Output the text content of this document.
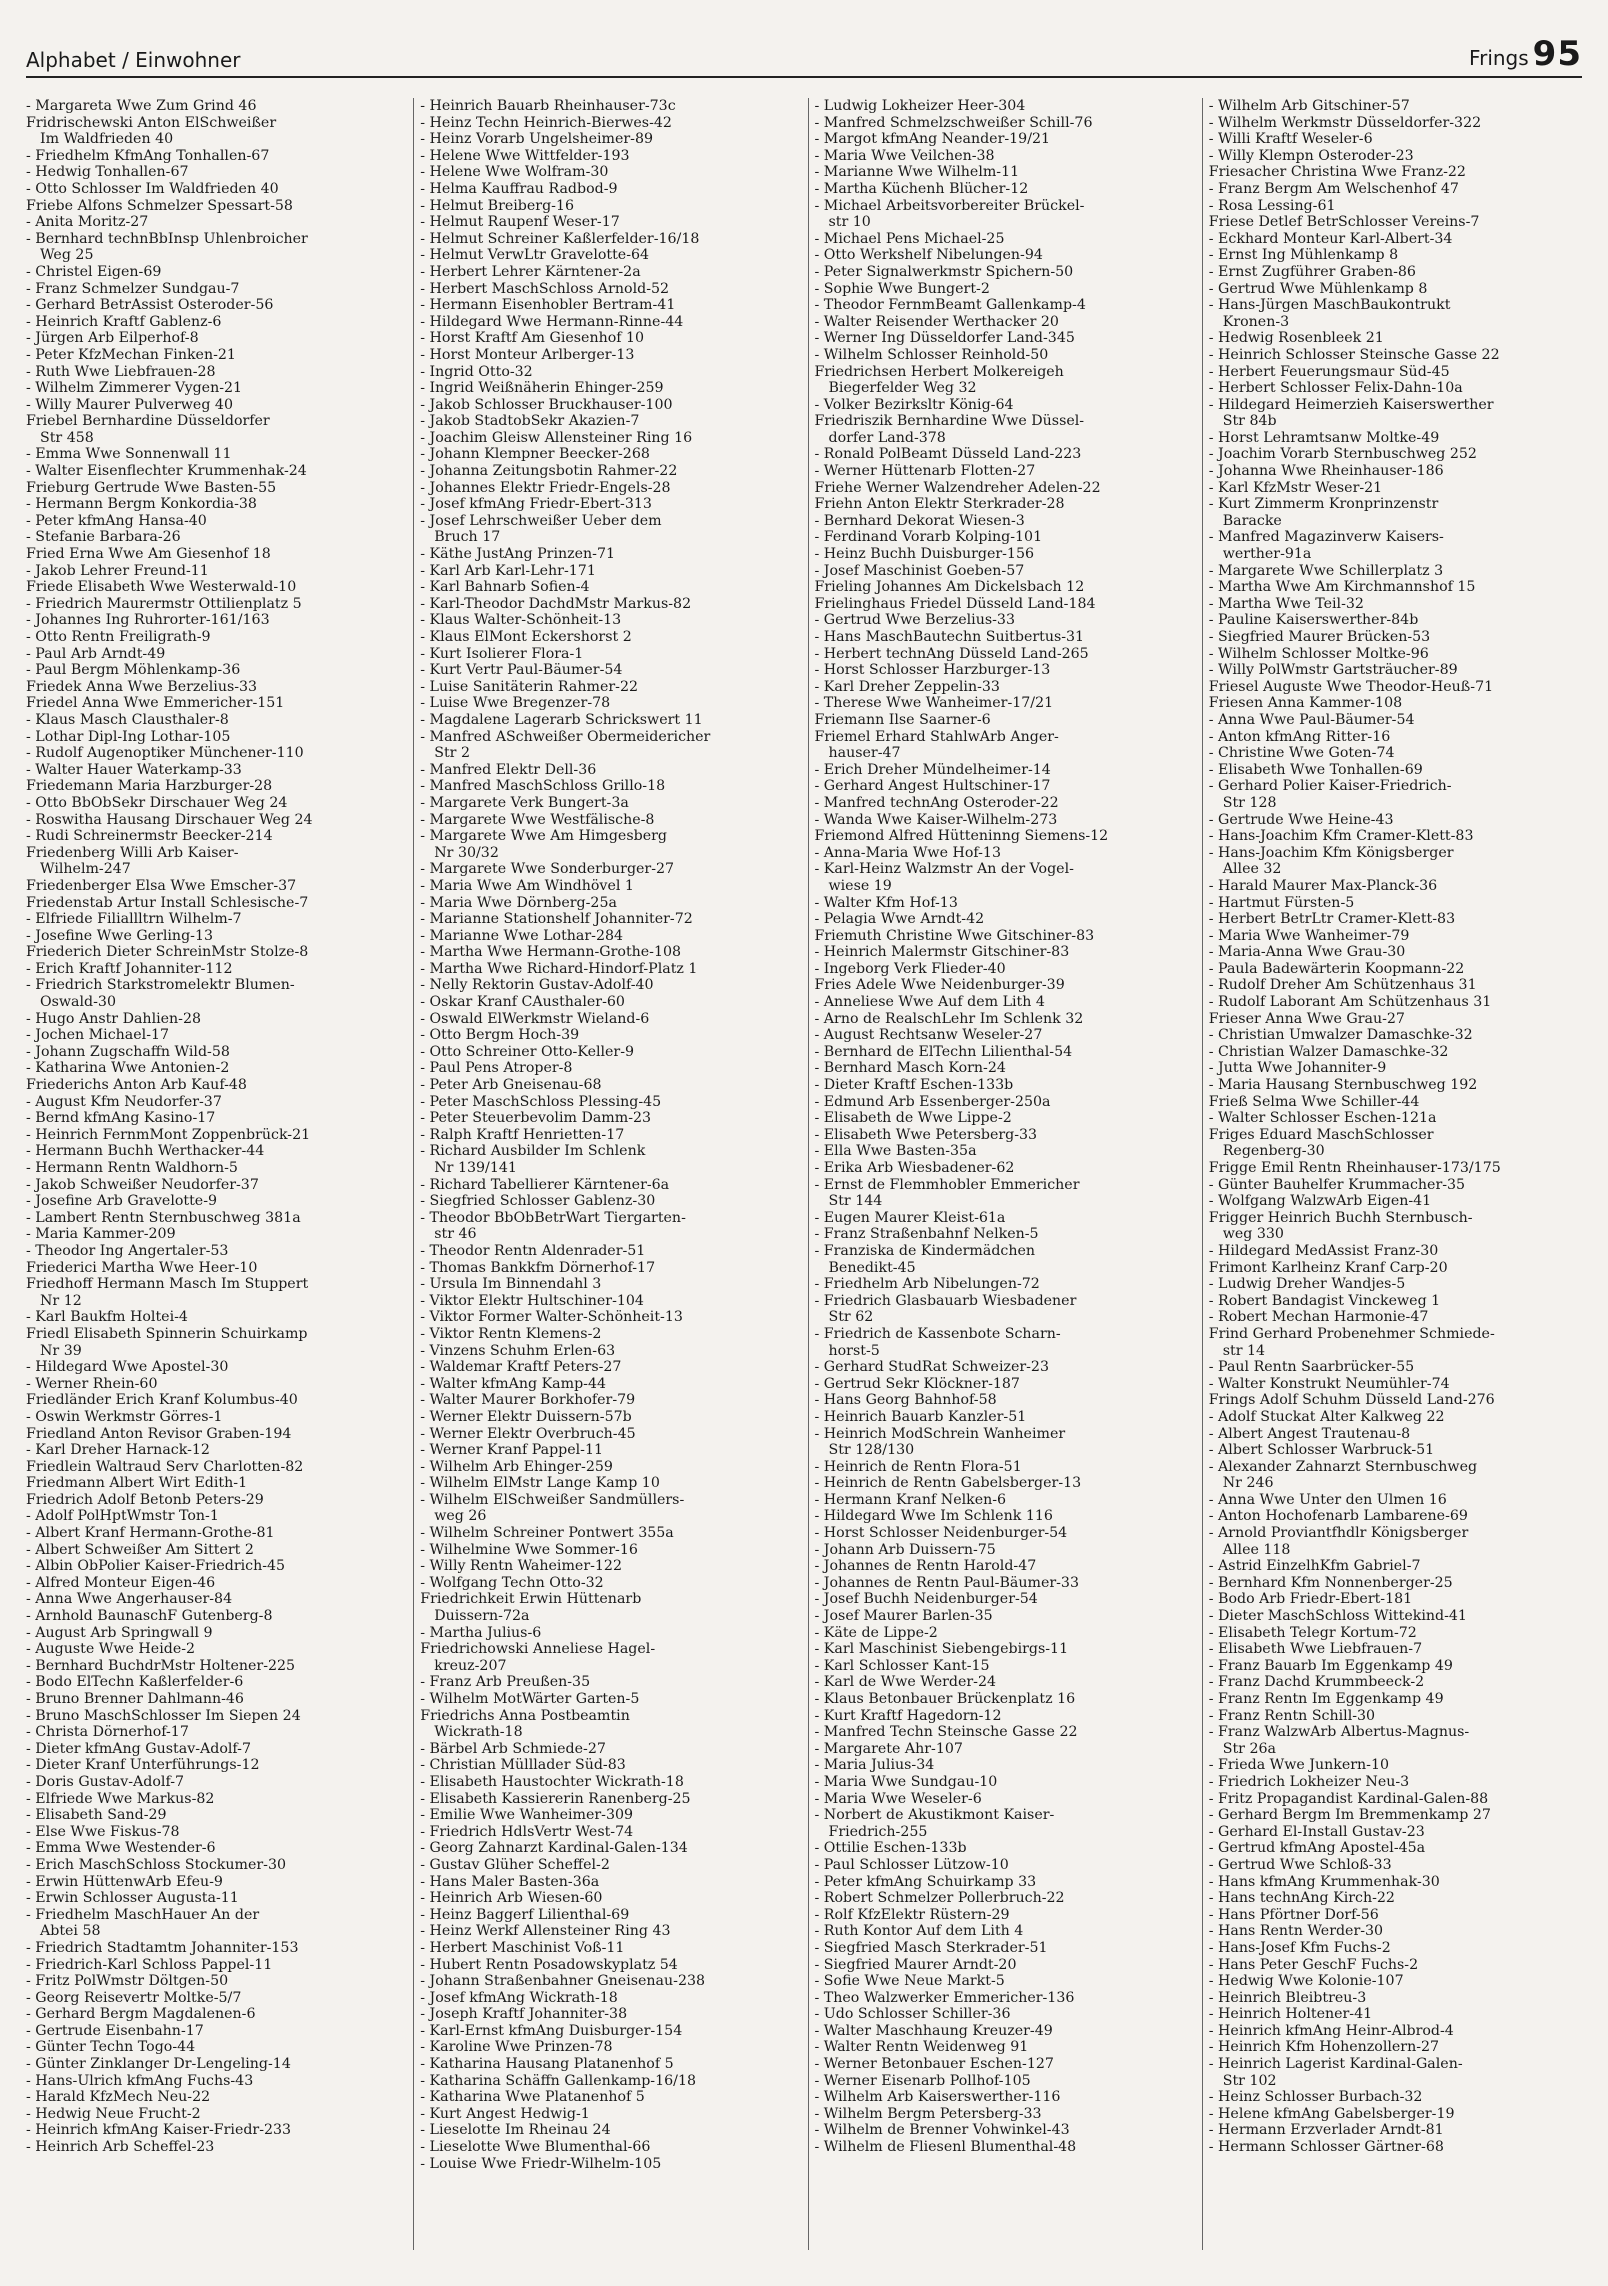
Alphabet / Einwohner	Frings 95
- Margareta Wwe Zum Grind 46
Fridrischewski Anton ElSchweißer
Im Waldfrieden 40
- Friedhelm KfmAng Tonhallen-67
- Hedwig Tonhallen-67
- Otto Schlosser Im Waldfrieden 40
Friebe Alfons Schmelzer Spessart-58
- Anita Moritz-27
- Bernhard technBbInsp Uhlenbroicher
Weg 25
- Christel Eigen-69
- Franz Schmelzer Sundgau-7
- Gerhard BetrAssist Osteroder-56
- Heinrich Kraftf Gablenz-6
- Jürgen Arb Eilperhof-8
- Peter KfzMechan Finken-21
- Ruth Wwe Liebfrauen-28
- Wilhelm Zimmerer Vygen-21
- Willy Maurer Pulverweg 40
Friebel Bernhardine Düsseldorfer
Str 458
- Emma Wwe Sonnenwall 11
- Walter Eisenflechter Krummenhak-24
Frieburg Gertrude Wwe Basten-55
- Hermann Bergm Konkordia-38
- Peter kfmAng Hansa-40
- Stefanie Barbara-26
Fried Erna Wwe Am Giesenhof 18
- Jakob Lehrer Freund-11
Friede Elisabeth Wwe Westerwald-10
- Friedrich Maurermstr Ottilienplatz 5
- Johannes Ing Ruhrorter-161/163
- Otto Rentn Freiligrath-9
- Paul Arb Arndt-49
- Paul Bergm Möhlenkamp-36
Friedek Anna Wwe Berzelius-33
Friedel Anna Wwe Emmericher-151
- Klaus Masch Clausthaler-8
- Lothar Dipl-Ing Lothar-105
- Rudolf Augenoptiker Münchener-110
- Walter Hauer Waterkamp-33
Friedemann Maria Harzburger-28
- Otto BbObSekr Dirschauer Weg 24
- Roswitha Hausang Dirschauer Weg 24
- Rudi Schreinermstr Beecker-214
Friedenberg Willi Arb Kaiser-
Wilhelm-247
Friedenberger Elsa Wwe Emscher-37
Friedenstab Artur Install Schlesische-7
- Elfriede Filiallltrn Wilhelm-7
- Josefine Wwe Gerling-13
Friederich Dieter SchreinMstr Stolze-8
- Erich Kraftf Johanniter-112
- Friedrich Starkstromelektr Blumen-
Oswald-30
- Hugo Anstr Dahlien-28
- Jochen Michael-17
- Johann Zugschaffn Wild-58
- Katharina Wwe Antonien-2
Friederichs Anton Arb Kauf-48
- August Kfm Neudorfer-37
- Bernd kfmAng Kasino-17
- Heinrich FernmMont Zoppenbrück-21
- Hermann Buchh Werthacker-44
- Hermann Rentn Waldhorn-5
- Jakob Schweißer Neudorfer-37
- Josefine Arb Gravelotte-9
- Lambert Rentn Sternbuschweg 381a
- Maria Kammer-209
- Theodor Ing Angertaler-53
Friederici Martha Wwe Heer-10
Friedhoff Hermann Masch Im Stuppert
Nr 12
- Karl Baukfm Holtei-4
Friedl Elisabeth Spinnerin Schuirkamp
Nr 39
- Hildegard Wwe Apostel-30
- Werner Rhein-60
Friedländer Erich Kranf Kolumbus-40
- Oswin Werkmstr Görres-1
Friedland Anton Revisor Graben-194
- Karl Dreher Harnack-12
Friedlein Waltraud Serv Charlotten-82
Friedmann Albert Wirt Edith-1
Friedrich Adolf Betonb Peters-29
- Adolf PolHptWmstr Ton-1
- Albert Kranf Hermann-Grothe-81
- Albert Schweißer Am Sittert 2
- Albin ObPolier Kaiser-Friedrich-45
- Alfred Monteur Eigen-46
- Anna Wwe Angerhauser-84
- Arnhold BaunaschF Gutenberg-8
- August Arb Springwall 9
- Auguste Wwe Heide-2
- Bernhard BuchdrMstr Holtener-225
- Bodo ElTechn Kaßlerfelder-6
- Bruno Brenner Dahlmann-46
- Bruno MaschSchlosser Im Siepen 24
- Christa Dörnerhof-17
- Dieter kfmAng Gustav-Adolf-7
- Dieter Kranf Unterführungs-12
- Doris Gustav-Adolf-7
- Elfriede Wwe Markus-82
- Elisabeth Sand-29
- Else Wwe Fiskus-78
- Emma Wwe Westender-6
- Erich MaschSchloss Stockumer-30
- Erwin HüttenwArb Efeu-9
- Erwin Schlosser Augusta-11
- Friedhelm MaschHauer An der
Abtei 58
- Friedrich Stadtamtm Johanniter-153
- Friedrich-Karl Schloss Pappel-11
- Fritz PolWmstr Döltgen-50
- Georg Reisevertr Moltke-5/7
- Gerhard Bergm Magdalenen-6
- Gertrude Eisenbahn-17
- Günter Techn Togo-44
- Günter Zinklanger Dr-Lengeling-14
- Hans-Ulrich kfmAng Fuchs-43
- Harald KfzMech Neu-22
- Hedwig Neue Frucht-2
- Heinrich kfmAng Kaiser-Friedr-233
- Heinrich Arb Scheffel-23
- Heinrich Bauarb Rheinhauser-73c
- Heinz Techn Heinrich-Bierwes-42
- Heinz Vorarb Ungelsheimer-89
- Helene Wwe Wittfelder-193
- Helene Wwe Wolfram-30
- Helma Kauffrau Radbod-9
- Helmut Breiberg-16
- Helmut Raupenf Weser-17
- Helmut Schreiner Kaßlerfelder-16/18
- Helmut VerwLtr Gravelotte-64
- Herbert Lehrer Kärntener-2a
- Herbert MaschSchloss Arnold-52
- Hermann Eisenhobler Bertram-41
- Hildegard Wwe Hermann-Rinne-44
- Horst Kraftf Am Giesenhof 10
- Horst Monteur Arlberger-13
- Ingrid Otto-32
- Ingrid Weißnäherin Ehinger-259
- Jakob Schlosser Bruckhauser-100
- Jakob StadtobSekr Akazien-7
- Joachim Gleisw Allensteiner Ring 16
- Johann Klempner Beecker-268
- Johanna Zeitungsbotin Rahmer-22
- Johannes Elektr Friedr-Engels-28
- Josef kfmAng Friedr-Ebert-313
- Josef Lehrschweißer Ueber dem
Bruch 17
- Käthe JustAng Prinzen-71
- Karl Arb Karl-Lehr-171
- Karl Bahnarb Sofien-4
- Karl-Theodor DachdMstr Markus-82
- Klaus Walter-Schönheit-13
- Klaus ElMont Eckershorst 2
- Kurt Isolierer Flora-1
- Kurt Vertr Paul-Bäumer-54
- Luise Sanitäterin Rahmer-22
- Luise Wwe Bregenzer-78
- Magdalene Lagerarb Schrickswert 11
- Manfred ASchweißer Obermeidericher
Str 2
- Manfred Elektr Dell-36
- Manfred MaschSchloss Grillo-18
- Margarete Verk Bungert-3a
- Margarete Wwe Westfälische-8
- Margarete Wwe Am Himgesberg
Nr 30/32
- Margarete Wwe Sonderburger-27
- Maria Wwe Am Windhövel 1
- Maria Wwe Dörnberg-25a
- Marianne Stationshelf Johanniter-72
- Marianne Wwe Lothar-284
- Martha Wwe Hermann-Grothe-108
- Martha Wwe Richard-Hindorf-Platz 1
- Nelly Rektorin Gustav-Adolf-40
- Oskar Kranf CAusthaler-60
- Oswald ElWerkmstr Wieland-6
- Otto Bergm Hoch-39
- Otto Schreiner Otto-Keller-9
- Paul Pens Atroper-8
- Peter Arb Gneisenau-68
- Peter MaschSchloss Plessing-45
- Peter Steuerbevolim Damm-23
- Ralph Kraftf Henrietten-17
- Richard Ausbilder Im Schlenk
Nr 139/141
- Richard Tabellierer Kärntener-6a
- Siegfried Schlosser Gablenz-30
- Theodor BbObBetrWart Tiergarten-
str 46
- Theodor Rentn Aldenrader-51
- Thomas Bankkfm Dörnerhof-17
- Ursula Im Binnendahl 3
- Viktor Elektr Hultschiner-104
- Viktor Former Walter-Schönheit-13
- Viktor Rentn Klemens-2
- Vinzens Schuhm Erlen-63
- Waldemar Kraftf Peters-27
- Walter kfmAng Kamp-44
- Walter Maurer Borkhofer-79
- Werner Elektr Duissern-57b
- Werner Elektr Overbruch-45
- Werner Kranf Pappel-11
- Wilhelm Arb Ehinger-259
- Wilhelm ElMstr Lange Kamp 10
- Wilhelm ElSchweißer Sandmüllers-
weg 26
- Wilhelm Schreiner Pontwert 355a
- Wilhelmine Wwe Sommer-16
- Willy Rentn Waheimer-122
- Wolfgang Techn Otto-32
Friedrichkeit Erwin Hüttenarb
Duissern-72a
- Martha Julius-6
Friedrichowski Anneliese Hagel-
kreuz-207
- Franz Arb Preußen-35
- Wilhelm MotWärter Garten-5
Friedrichs Anna Postbeamtin
Wickrath-18
- Bärbel Arb Schmiede-27
- Christian Mülllader Süd-83
- Elisabeth Haustochter Wickrath-18
- Elisabeth Kassiererin Ranenberg-25
- Emilie Wwe Wanheimer-309
- Friedrich HdlsVertr West-74
- Georg Zahnarzt Kardinal-Galen-134
- Gustav Glüher Scheffel-2
- Hans Maler Basten-36a
- Heinrich Arb Wiesen-60
- Heinz Baggerf Lilienthal-69
- Heinz Werkf Allensteiner Ring 43
- Herbert Maschinist Voß-11
- Hubert Rentn Posadowskyplatz 54
- Johann Straßenbahner Gneisenau-238
- Josef kfmAng Wickrath-18
- Joseph Kraftf Johanniter-38
- Karl-Ernst kfmAng Duisburger-154
- Karoline Wwe Prinzen-78
- Katharina Hausang Platanenhof 5
- Katharina Schäffn Gallenkamp-16/18
- Katharina Wwe Platanenhof 5
- Kurt Angest Hedwig-1
- Lieselotte Im Rheinau 24
- Lieselotte Wwe Blumenthal-66
- Louise Wwe Friedr-Wilhelm-105
- Ludwig Lokheizer Heer-304
- Manfred Schmelzschweißer Schill-76
- Margot kfmAng Neander-19/21
- Maria Wwe Veilchen-38
- Marianne Wwe Wilhelm-11
- Martha Küchenh Blücher-12
- Michael Arbeitsvorbereiter Brückel-
str 10
- Michael Pens Michael-25
- Otto Werkshelf Nibelungen-94
- Peter Signalwerkmstr Spichern-50
- Sophie Wwe Bungert-2
- Theodor FernmBeamt Gallenkamp-4
- Walter Reisender Werthacker 20
- Werner Ing Düsseldorfer Land-345
- Wilhelm Schlosser Reinhold-50
Friedrichsen Herbert Molkereigeh
Biegerfelder Weg 32
- Volker Bezirksltr König-64
Friedriszik Bernhardine Wwe Düssel-
dorfer Land-378
- Ronald PolBeamt Düsseld Land-223
- Werner Hüttenarb Flotten-27
Friehe Werner Walzendreher Adelen-22
Friehn Anton Elektr Sterkrader-28
- Bernhard Dekorat Wiesen-3
- Ferdinand Vorarb Kolping-101
- Heinz Buchh Duisburger-156
- Josef Maschinist Goeben-57
Frieling Johannes Am Dickelsbach 12
Frielinghaus Friedel Düsseld Land-184
- Gertrud Wwe Berzelius-33
- Hans MaschBautechn Suitbertus-31
- Herbert technAng Düsseld Land-265
- Horst Schlosser Harzburger-13
- Karl Dreher Zeppelin-33
- Therese Wwe Wanheimer-17/21
Friemann Ilse Saarner-6
Friemel Erhard StahlwArb Anger-
hauser-47
- Erich Dreher Mündelheimer-14
- Gerhard Angest Hultschiner-17
- Manfred technAng Osteroder-22
- Wanda Wwe Kaiser-Wilhelm-273
Friemond Alfred Hütteninng Siemens-12
- Anna-Maria Wwe Hof-13
- Karl-Heinz Walzmstr An der Vogel-
wiese 19
- Walter Kfm Hof-13
- Pelagia Wwe Arndt-42
Friemuth Christine Wwe Gitschiner-83
- Heinrich Malermstr Gitschiner-83
- Ingeborg Verk Flieder-40
Fries Adele Wwe Neidenburger-39
- Anneliese Wwe Auf dem Lith 4
- Arno de RealschLehr Im Schlenk 32
- August Rechtsanw Weseler-27
- Bernhard de ElTechn Lilienthal-54
- Bernhard Masch Korn-24
- Dieter Kraftf Eschen-133b
- Edmund Arb Essenberger-250a
- Elisabeth de Wwe Lippe-2
- Elisabeth Wwe Petersberg-33
- Ella Wwe Basten-35a
- Erika Arb Wiesbadener-62
- Ernst de Flemmhobler Emmericher
Str 144
- Eugen Maurer Kleist-61a
- Franz Straßenbahnf Nelken-5
- Franziska de Kindermädchen
Benedikt-45
- Friedhelm Arb Nibelungen-72
- Friedrich Glasbauarb Wiesbadener
Str 62
- Friedrich de Kassenbote Scharn-
horst-5
- Gerhard StudRat Schweizer-23
- Gertrud Sekr Klöckner-187
- Hans Georg Bahnhof-58
- Heinrich Bauarb Kanzler-51
- Heinrich ModSchrein Wanheimer
Str 128/130
- Heinrich de Rentn Flora-51
- Heinrich de Rentn Gabelsberger-13
- Hermann Kranf Nelken-6
- Hildegard Wwe Im Schlenk 116
- Horst Schlosser Neidenburger-54
- Johann Arb Duissern-75
- Johannes de Rentn Harold-47
- Johannes de Rentn Paul-Bäumer-33
- Josef Buchh Neidenburger-54
- Josef Maurer Barlen-35
- Käte de Lippe-2
- Karl Maschinist Siebengebirgs-11
- Karl Schlosser Kant-15
- Karl de Wwe Werder-24
- Klaus Betonbauer Brückenplatz 16
- Kurt Kraftf Hagedorn-12
- Manfred Techn Steinsche Gasse 22
- Margarete Ahr-107
- Maria Julius-34
- Maria Wwe Sundgau-10
- Maria Wwe Weseler-6
- Norbert de Akustikmont Kaiser-
Friedrich-255
- Ottilie Eschen-133b
- Paul Schlosser Lützow-10
- Peter kfmAng Schuirkamp 33
- Robert Schmelzer Pollerbruch-22
- Rolf KfzElektr Rüstern-29
- Ruth Kontor Auf dem Lith 4
- Siegfried Masch Sterkrader-51
- Siegfried Maurer Arndt-20
- Sofie Wwe Neue Markt-5
- Theo Walzwerker Emmericher-136
- Udo Schlosser Schiller-36
- Walter Maschhaung Kreuzer-49
- Walter Rentn Weidenweg 91
- Werner Betonbauer Eschen-127
- Werner Eisenarb Pollhof-105
- Wilhelm Arb Kaiserswerther-116
- Wilhelm Bergm Petersberg-33
- Wilhelm de Brenner Vohwinkel-43
- Wilhelm de Fliesenl Blumenthal-48
- Wilhelm Arb Gitschiner-57
- Wilhelm Werkmstr Düsseldorfer-322
- Willi Kraftf Weseler-6
- Willy Klempn Osteroder-23
Friesacher Christina Wwe Franz-22
- Franz Bergm Am Welschenhof 47
- Rosa Lessing-61
Friese Detlef BetrSchlosser Vereins-7
- Eckhard Monteur Karl-Albert-34
- Ernst Ing Mühlenkamp 8
- Ernst Zugführer Graben-86
- Gertrud Wwe Mühlenkamp 8
- Hans-Jürgen MaschBaukontrukt
Kronen-3
- Hedwig Rosenbleek 21
- Heinrich Schlosser Steinsche Gasse 22
- Herbert Feuerungsmaur Süd-45
- Herbert Schlosser Felix-Dahn-10a
- Hildegard Heimerzieh Kaiserswerther
Str 84b
- Horst Lehramtsanw Moltke-49
- Joachim Vorarb Sternbuschweg 252
- Johanna Wwe Rheinhauser-186
- Karl KfzMstr Weser-21
- Kurt Zimmerm Kronprinzenstr
Baracke
- Manfred Magazinverw Kaisers-
werther-91a
- Margarete Wwe Schillerplatz 3
- Martha Wwe Am Kirchmannshof 15
- Martha Wwe Teil-32
- Pauline Kaiserswerther-84b
- Siegfried Maurer Brücken-53
- Wilhelm Schlosser Moltke-96
- Willy PolWmstr Gartsträucher-89
Friesel Auguste Wwe Theodor-Heuß-71
Friesen Anna Kammer-108
- Anna Wwe Paul-Bäumer-54
- Anton kfmAng Ritter-16
- Christine Wwe Goten-74
- Elisabeth Wwe Tonhallen-69
- Gerhard Polier Kaiser-Friedrich-
Str 128
- Gertrude Wwe Heine-43
- Hans-Joachim Kfm Cramer-Klett-83
- Hans-Joachim Kfm Königsberger
Allee 32
- Harald Maurer Max-Planck-36
- Hartmut Fürsten-5
- Herbert BetrLtr Cramer-Klett-83
- Maria Wwe Wanheimer-79
- Maria-Anna Wwe Grau-30
- Paula Badewärterin Koopmann-22
- Rudolf Dreher Am Schützenhaus 31
- Rudolf Laborant Am Schützenhaus 31
Frieser Anna Wwe Grau-27
- Christian Umwalzer Damaschke-32
- Christian Walzer Damaschke-32
- Jutta Wwe Johanniter-9
- Maria Hausang Sternbuschweg 192
Frieß Selma Wwe Schiller-44
- Walter Schlosser Eschen-121a
Friges Eduard MaschSchlosser
Regenberg-30
Frigge Emil Rentn Rheinhauser-173/175
- Günter Bauhelfer Krummacher-35
- Wolfgang WalzwArb Eigen-41
Frigger Heinrich Buchh Sternbusch-
weg 330
- Hildegard MedAssist Franz-30
Frimont Karlheinz Kranf Carp-20
- Ludwig Dreher Wandjes-5
- Robert Bandagist Vinckeweg 1
- Robert Mechan Harmonie-47
Frind Gerhard Probenehmer Schmiede-
str 14
- Paul Rentn Saarbrücker-55
- Walter Konstrukt Neumühler-74
Frings Adolf Schuhm Düsseld Land-276
- Adolf Stuckat Alter Kalkweg 22
- Albert Angest Trautenau-8
- Albert Schlosser Warbruck-51
- Alexander Zahnarzt Sternbuschweg
Nr 246
- Anna Wwe Unter den Ulmen 16
- Anton Hochofenarb Lambarene-69
- Arnold Proviantfhdlr Königsberger
Allee 118
- Astrid EinzelhKfm Gabriel-7
- Bernhard Kfm Nonnenberger-25
- Bodo Arb Friedr-Ebert-181
- Dieter MaschSchloss Wittekind-41
- Elisabeth Telegr Kortum-72
- Elisabeth Wwe Liebfrauen-7
- Franz Bauarb Im Eggenkamp 49
- Franz Dachd Krummbeeck-2
- Franz Rentn Im Eggenkamp 49
- Franz Rentn Schill-30
- Franz WalzwArb Albertus-Magnus-
Str 26a
- Frieda Wwe Junkern-10
- Friedrich Lokheizer Neu-3
- Fritz Propagandist Kardinal-Galen-88
- Gerhard Bergm Im Bremmenkamp 27
- Gerhard El-Install Gustav-23
- Gertrud kfmAng Apostel-45a
- Gertrud Wwe Schloß-33
- Hans kfmAng Krummenhak-30
- Hans technAng Kirch-22
- Hans Pförtner Dorf-56
- Hans Rentn Werder-30
- Hans-Josef Kfm Fuchs-2
- Hans Peter GeschF Fuchs-2
- Hedwig Wwe Kolonie-107
- Heinrich Bleibtreu-3
- Heinrich Holtener-41
- Heinrich kfmAng Heinr-Albrod-4
- Heinrich Kfm Hohenzollern-27
- Heinrich Lagerist Kardinal-Galen-
Str 102
- Heinz Schlosser Burbach-32
- Helene kfmAng Gabelsberger-19
- Hermann Erzverlader Arndt-81
- Hermann Schlosser Gärtner-68
